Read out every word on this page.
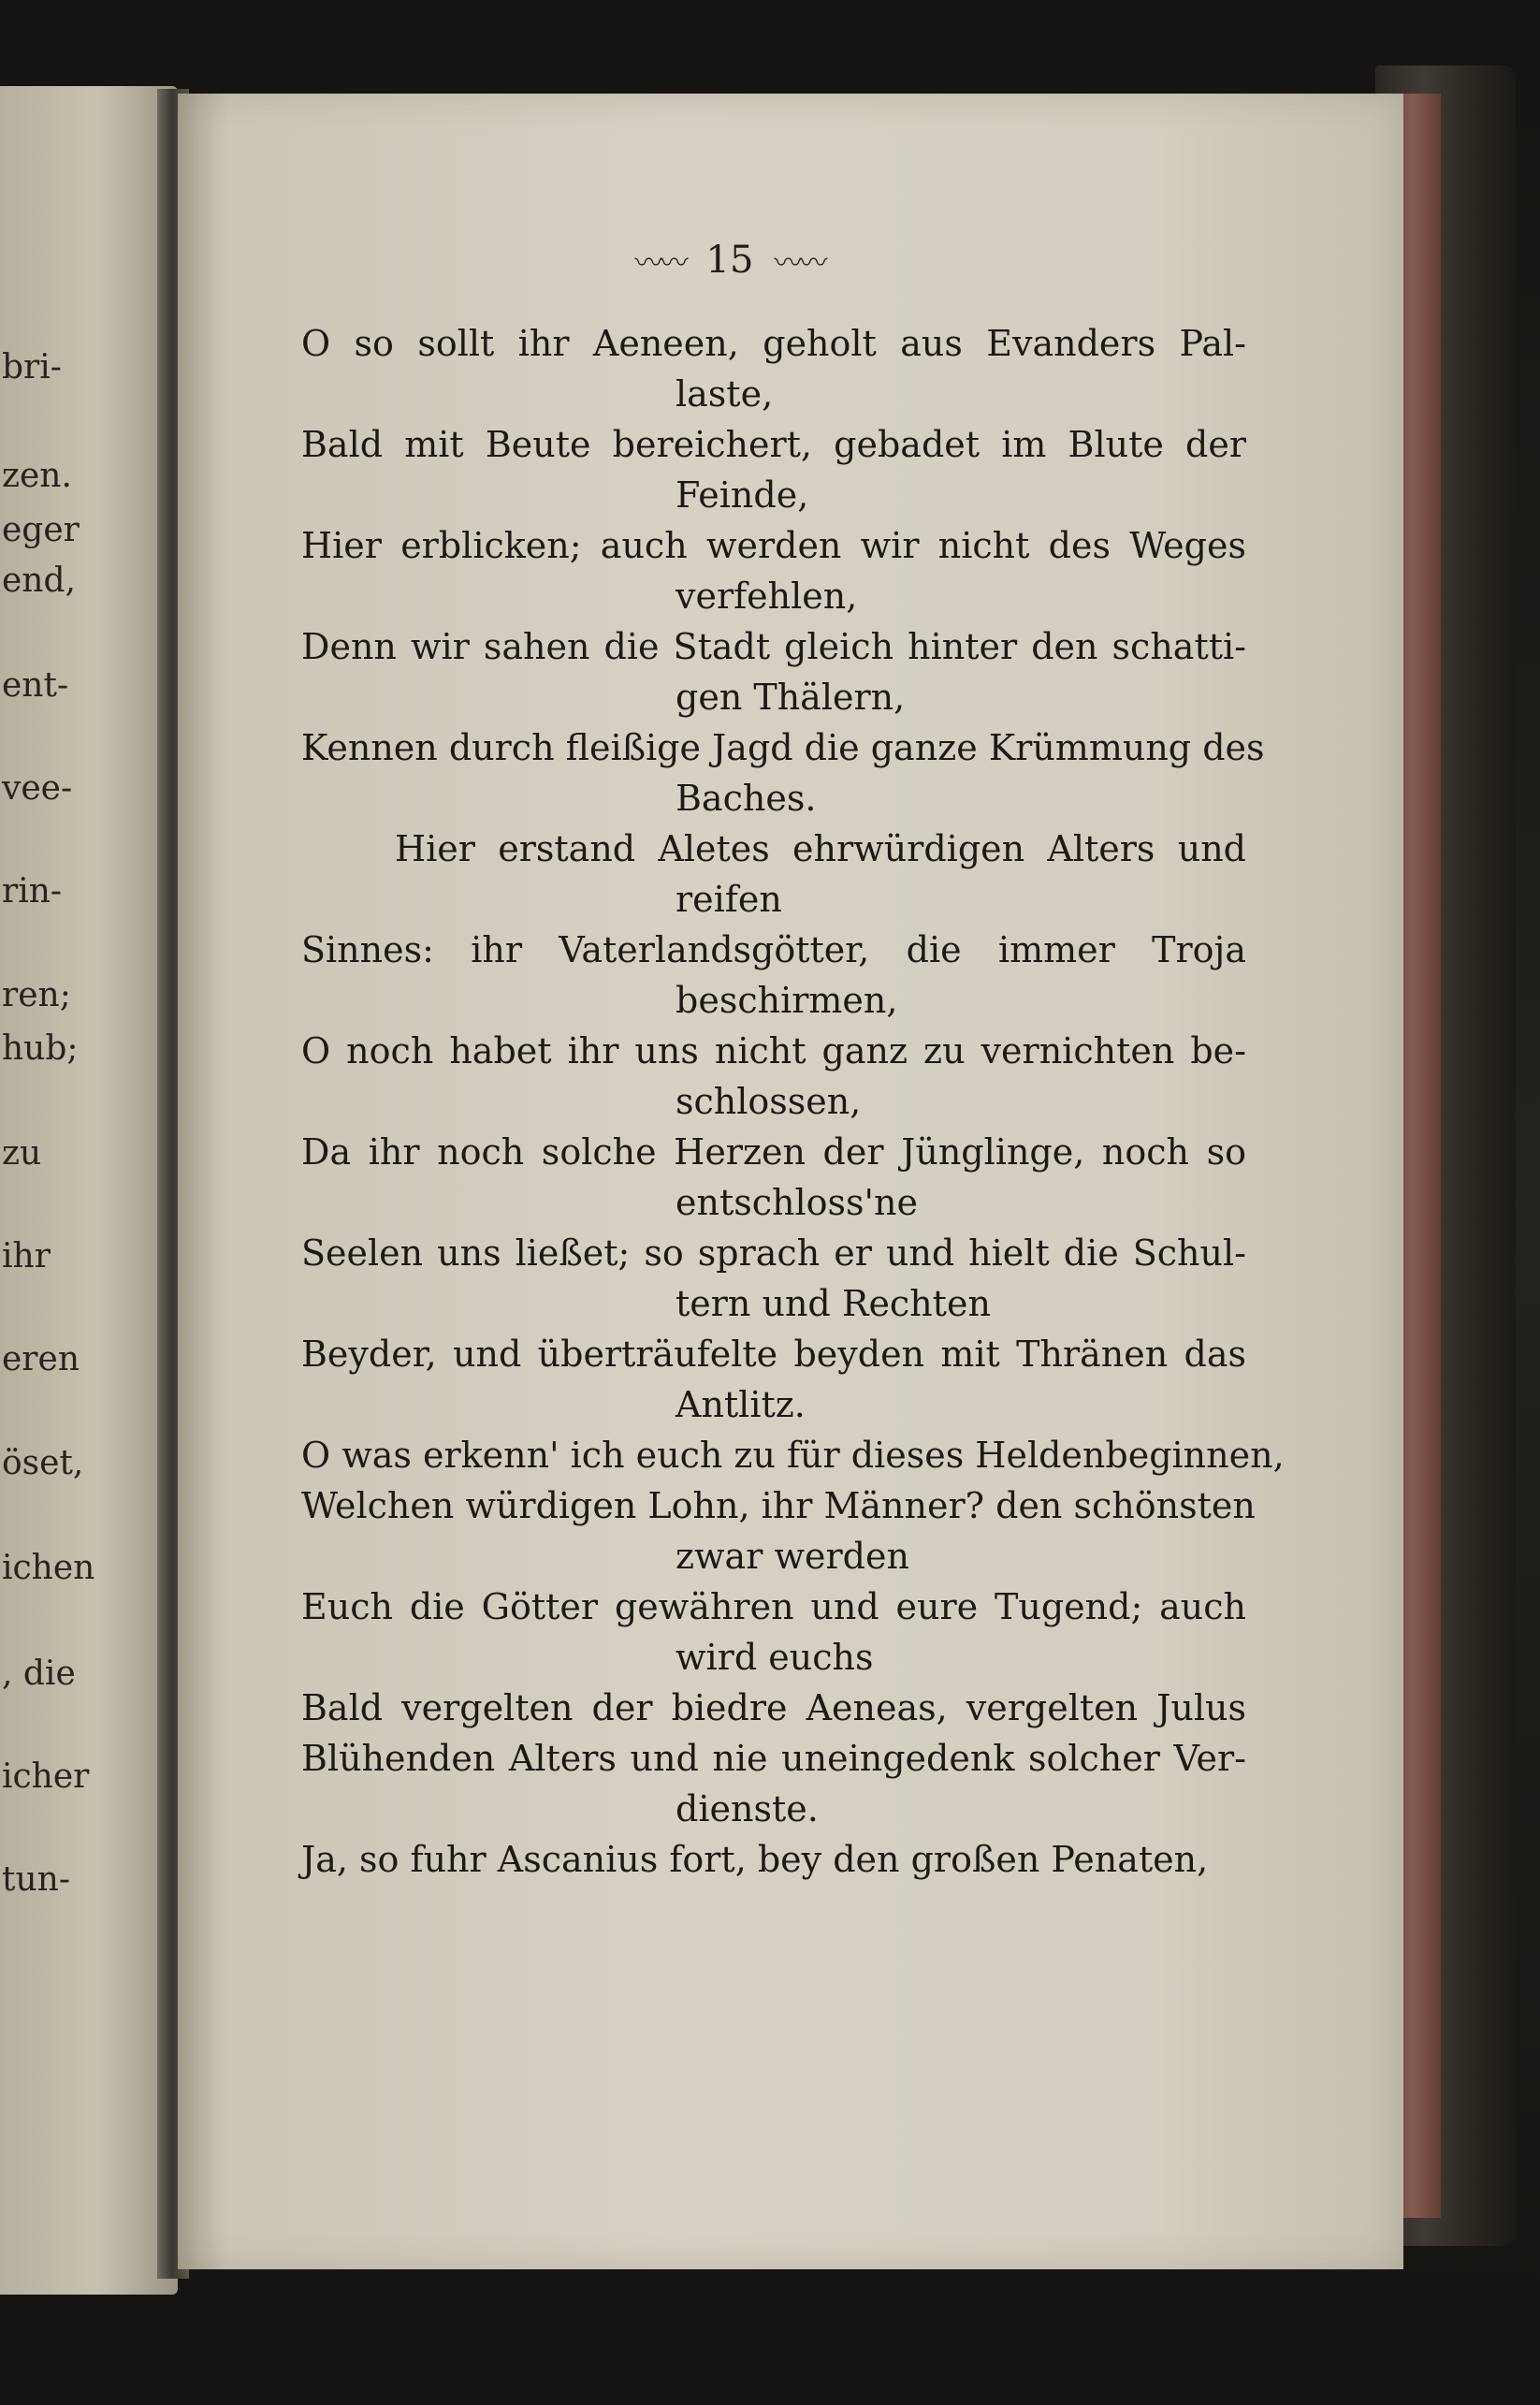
bri-
zen.
eger
end,
ent-
vee-
rin-
ren;
hub;
zu
ihr
eren
öset,
ichen
, die
icher
tun-
〰〰 15 〰〰
O so sollt ihr Aeneen, geholt aus Evanders Pal-
laste,
Bald mit Beute bereichert, gebadet im Blute der
Feinde,
Hier erblicken; auch werden wir nicht des Weges
verfehlen,
Denn wir sahen die Stadt gleich hinter den schatti-
gen Thälern,
Kennen durch fleißige Jagd die ganze Krümmung des
Baches.
Hier erstand Aletes ehrwürdigen Alters und
reifen
Sinnes: ihr Vaterlandsgötter, die immer Troja
beschirmen,
O noch habet ihr uns nicht ganz zu vernichten be-
schlossen,
Da ihr noch solche Herzen der Jünglinge, noch so
entschloss'ne
Seelen uns ließet; so sprach er und hielt die Schul-
tern und Rechten
Beyder, und überträufelte beyden mit Thränen das
Antlitz.
O was erkenn' ich euch zu für dieses Heldenbeginnen,
Welchen würdigen Lohn, ihr Männer? den schönsten
zwar werden
Euch die Götter gewähren und eure Tugend; auch
wird euchs
Bald vergelten der biedre Aeneas, vergelten Julus
Blühenden Alters und nie uneingedenk solcher Ver-
dienste.
Ja, so fuhr Ascanius fort, bey den großen Penaten,
